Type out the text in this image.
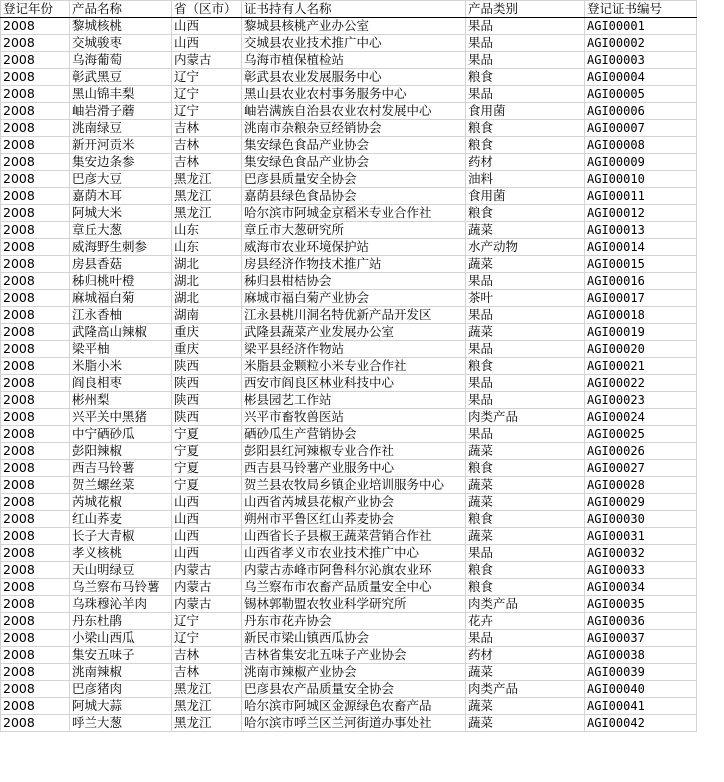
登记年份	产品名称	省（区市）	证书持有人名称	产品类别	登记证书编号
2008	黎城核桃	山西	黎城县核桃产业办公室	果品	AGI00001
2008	交城骏枣	山西	交城县农业技术推广中心	果品	AGI00002
2008	乌海葡萄	内蒙古	乌海市植保植检站	果品	AGI00003
2008	彰武黑豆	辽宁	彰武县农业发展服务中心	粮食	AGI00004
2008	黑山锦丰梨	辽宁	黑山县农业农村事务服务中心	果品	AGI00005
2008	岫岩滑子蘑	辽宁	岫岩满族自治县农业农村发展中心	食用菌	AGI00006
2008	洮南绿豆	吉林	洮南市杂粮杂豆经销协会	粮食	AGI00007
2008	新开河贡米	吉林	集安绿色食品产业协会	粮食	AGI00008
2008	集安边条参	吉林	集安绿色食品产业协会	药材	AGI00009
2008	巴彦大豆	黑龙江	巴彦县质量安全协会	油料	AGI00010
2008	嘉荫木耳	黑龙江	嘉荫县绿色食品协会	食用菌	AGI00011
2008	阿城大米	黑龙江	哈尔滨市阿城金京稻米专业合作社	粮食	AGI00012
2008	章丘大葱	山东	章丘市大葱研究所	蔬菜	AGI00013
2008	威海野生刺参	山东	威海市农业环境保护站	水产动物	AGI00014
2008	房县香菇	湖北	房县经济作物技术推广站	蔬菜	AGI00015
2008	秭归桃叶橙	湖北	秭归县柑桔协会	果品	AGI00016
2008	麻城福白菊	湖北	麻城市福白菊产业协会	茶叶	AGI00017
2008	江永香柚	湖南	江永县桃川洞名特优新产品开发区	果品	AGI00018
2008	武隆高山辣椒	重庆	武隆县蔬菜产业发展办公室	蔬菜	AGI00019
2008	梁平柚	重庆	梁平县经济作物站	果品	AGI00020
2008	米脂小米	陕西	米脂县金颗粒小米专业合作社	粮食	AGI00021
2008	阎良相枣	陕西	西安市阎良区林业科技中心	果品	AGI00022
2008	彬州梨	陕西	彬县园艺工作站	果品	AGI00023
2008	兴平关中黑猪	陕西	兴平市畜牧兽医站	肉类产品	AGI00024
2008	中宁硒砂瓜	宁夏	硒砂瓜生产营销协会	果品	AGI00025
2008	彭阳辣椒	宁夏	彭阳县红河辣椒专业合作社	蔬菜	AGI00026
2008	西吉马铃薯	宁夏	西吉县马铃薯产业服务中心	粮食	AGI00027
2008	贺兰螺丝菜	宁夏	贺兰县农牧局乡镇企业培训服务中心	蔬菜	AGI00028
2008	芮城花椒	山西	山西省芮城县花椒产业协会	蔬菜	AGI00029
2008	红山荞麦	山西	朔州市平鲁区红山荞麦协会	粮食	AGI00030
2008	长子大青椒	山西	山西省长子县椒王蔬菜营销合作社	蔬菜	AGI00031
2008	孝义核桃	山西	山西省孝义市农业技术推广中心	果品	AGI00032
2008	天山明绿豆	内蒙古	内蒙古赤峰市阿鲁科尔沁旗农业环	粮食	AGI00033
2008	乌兰察布马铃薯	内蒙古	乌兰察布市农畜产品质量安全中心	粮食	AGI00034
2008	乌珠穆沁羊肉	内蒙古	锡林郭勒盟农牧业科学研究所	肉类产品	AGI00035
2008	丹东杜鹃	辽宁	丹东市花卉协会	花卉	AGI00036
2008	小梁山西瓜	辽宁	新民市梁山镇西瓜协会	果品	AGI00037
2008	集安五味子	吉林	吉林省集安北五味子产业协会	药材	AGI00038
2008	洮南辣椒	吉林	洮南市辣椒产业协会	蔬菜	AGI00039
2008	巴彦猪肉	黑龙江	巴彦县农产品质量安全协会	肉类产品	AGI00040
2008	阿城大蒜	黑龙江	哈尔滨市阿城区金源绿色农畜产品	蔬菜	AGI00041
2008	呼兰大葱	黑龙江	哈尔滨市呼兰区兰河街道办事处社	蔬菜	AGI00042
